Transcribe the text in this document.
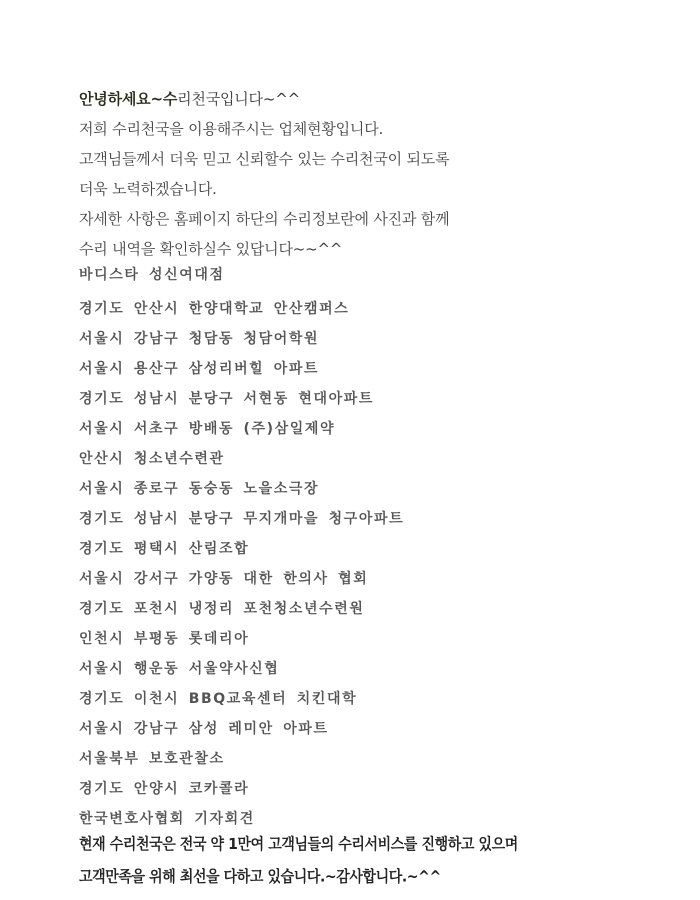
안녕하세요~수리천국입니다~^^
저희 수리천국을 이용해주시는 업체현황입니다.
고객님들께서 더욱 믿고 신뢰할수 있는 수리천국이 되도록
더욱 노력하겠습니다.
자세한 사항은 홈페이지 하단의 수리정보란에 사진과 함께
수리 내역을 확인하실수 있답니다~~^^
바디스타 성신여대점
경기도 안산시 한양대학교 안산캠퍼스
서울시 강남구 청담동 청담어학원
서울시 용산구 삼성리버힐 아파트
경기도 성남시 분당구 서현동 현대아파트
서울시 서초구 방배동 (주)삼일제약
안산시 청소년수련관
서울시 종로구 동숭동 노을소극장
경기도 성남시 분당구 무지개마을 청구아파트
경기도 평택시 산림조합
서울시 강서구 가양동 대한 한의사 협회
경기도 포천시 냉정리 포천청소년수련원
인천시 부평동 롯데리아
서울시 행운동 서울약사신협
경기도 이천시 BBQ교육센터 치킨대학
서울시 강남구 삼성 레미안 아파트
서울북부 보호관찰소
경기도 안양시 코카콜라
한국변호사협회 기자회견
현재 수리천국은 전국 약 1만여 고객님들의 수리서비스를 진행하고 있으며
고객만족을 위해 최선을 다하고 있습니다.~감사합니다.~^^
